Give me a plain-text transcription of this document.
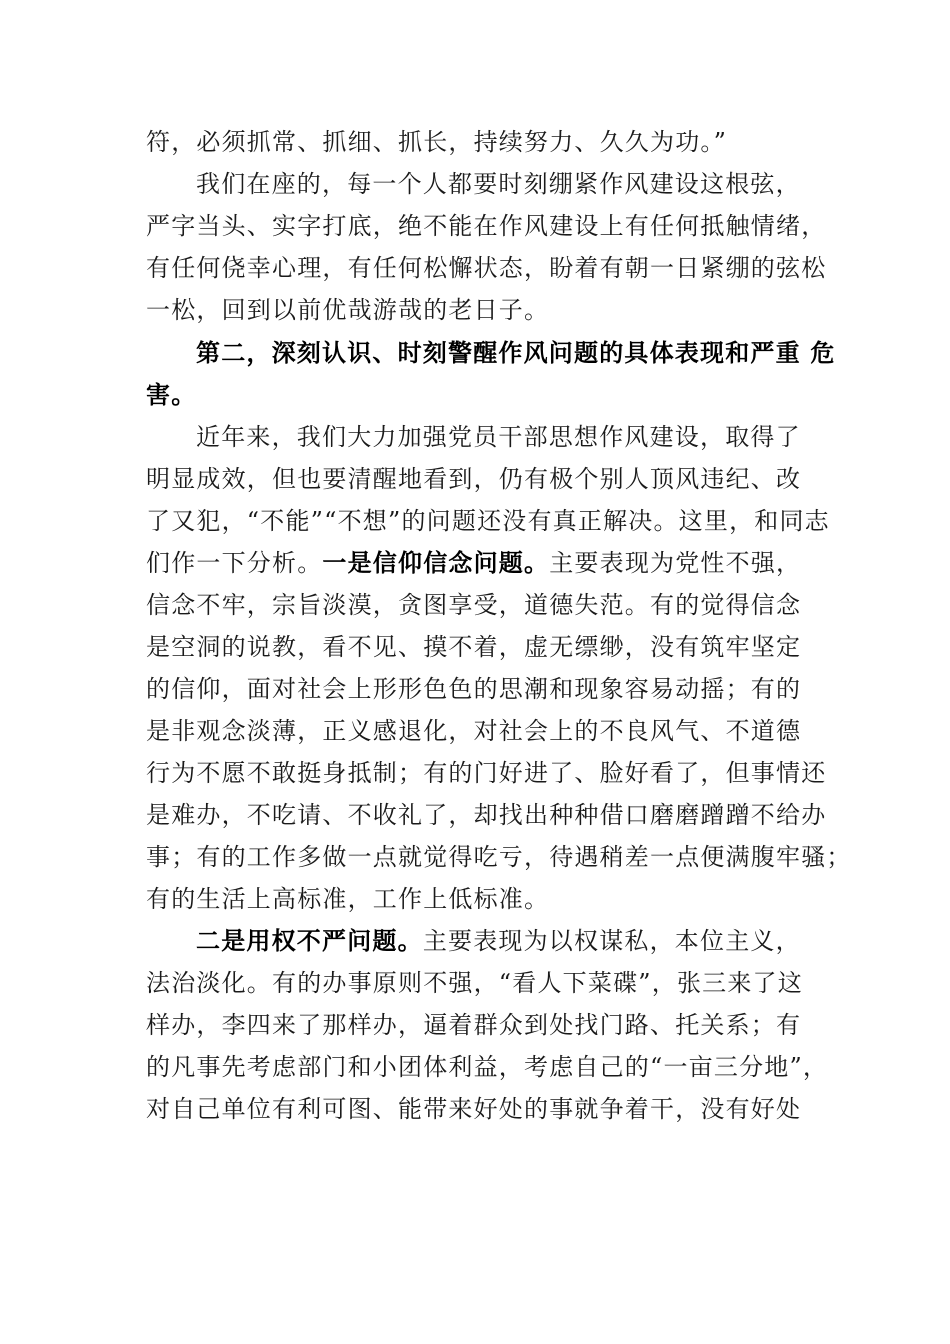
符，必须抓常、抓细、抓长，持续努力、久久为功。”
我们在座的，每一个人都要时刻绷紧作风建设这根弦，
严字当头、实字打底，绝不能在作风建设上有任何抵触情绪，
有任何侥幸心理，有任何松懈状态，盼着有朝一日紧绷的弦松
一松，回到以前优哉游哉的老日子。
第二，深刻认识、时刻警醒作风问题的具体表现和严重 危
害。
近年来，我们大力加强党员干部思想作风建设，取得了
明显成效，但也要清醒地看到，仍有极个别人顶风违纪、改
了又犯，“不能”“不想”的问题还没有真正解决。这里，和同志
们作一下分析。一是信仰信念问题。主要表现为党性不强，
信念不牢，宗旨淡漠，贪图享受，道德失范。有的觉得信念
是空洞的说教，看不见、摸不着，虚无缥缈，没有筑牢坚定
的信仰，面对社会上形形色色的思潮和现象容易动摇；有的
是非观念淡薄，正义感退化，对社会上的不良风气、不道德
行为不愿不敢挺身抵制；有的门好进了、脸好看了，但事情还
是难办，不吃请、不收礼了，却找出种种借口磨磨蹭蹭不给办
事；有的工作多做一点就觉得吃亏，待遇稍差一点便满腹牢骚；
有的生活上高标准，工作上低标准。
二是用权不严问题。主要表现为以权谋私，本位主义，
法治淡化。有的办事原则不强，“看人下菜碟”，张三来了这
样办，李四来了那样办，逼着群众到处找门路、托关系；有
的凡事先考虑部门和小团体利益，考虑自己的“一亩三分地”，
对自己单位有利可图、能带来好处的事就争着干，没有好处
